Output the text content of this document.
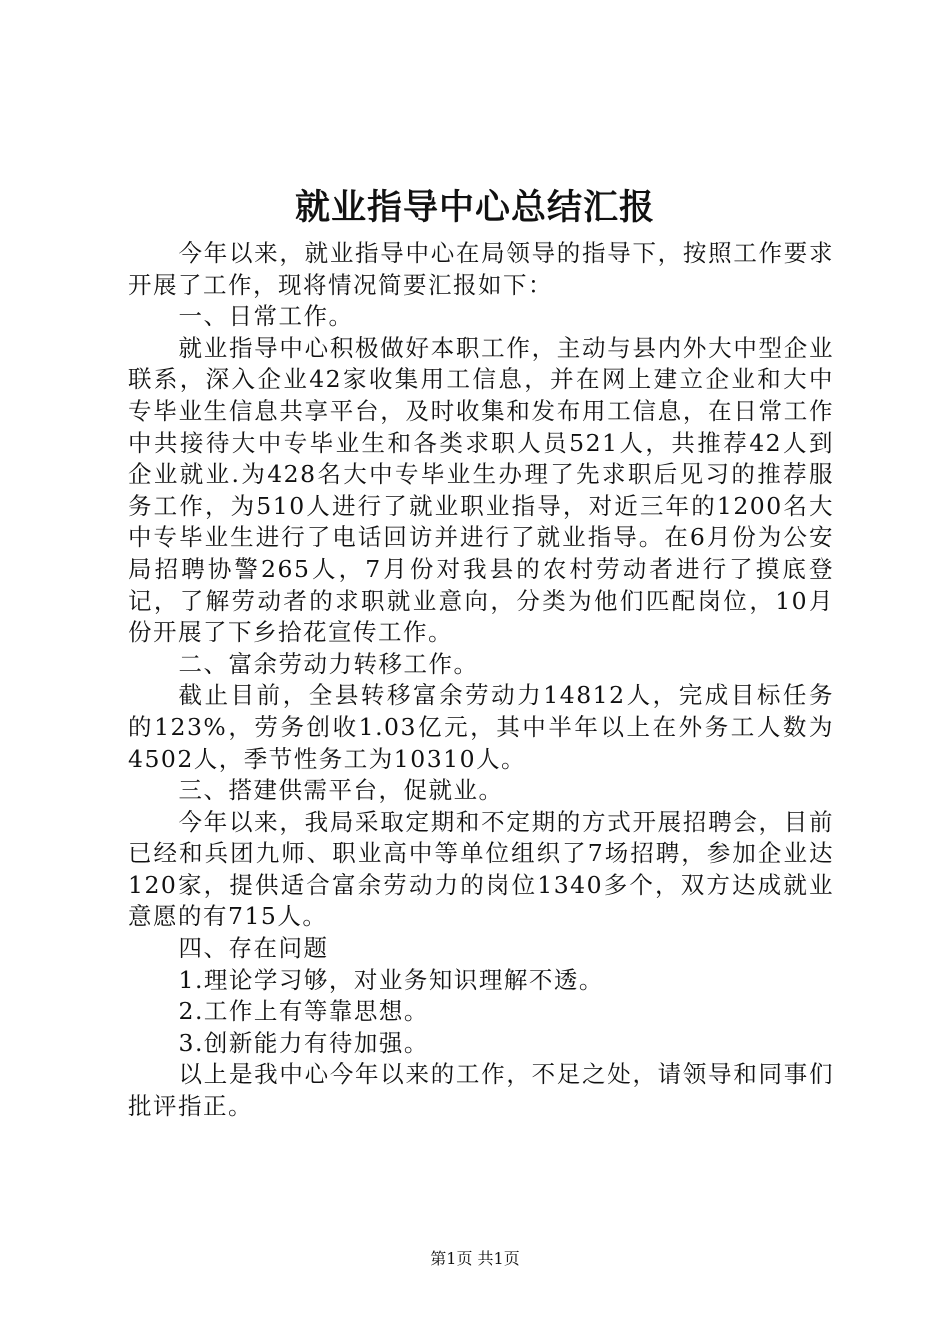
就业指导中心总结汇报

今年以来，就业指导中心在局领导的指导下，按照工作要求开展了工作，现将情况简要汇报如下：

一、日常工作。

就业指导中心积极做好本职工作，主动与县内外大中型企业联系，深入企业42家收集用工信息，并在网上建立企业和大中专毕业生信息共享平台，及时收集和发布用工信息，在日常工作中共接待大中专毕业生和各类求职人员521人，共推荐42人到企业就业.为428名大中专毕业生办理了先求职后见习的推荐服务工作，为510人进行了就业职业指导，对近三年的1200名大中专毕业生进行了电话回访并进行了就业指导。在6月份为公安局招聘协警265人，7月份对我县的农村劳动者进行了摸底登记，了解劳动者的求职就业意向，分类为他们匹配岗位，10月份开展了下乡拾花宣传工作。

二、富余劳动力转移工作。

截止目前，全县转移富余劳动力14812人，完成目标任务的123%，劳务创收1.03亿元，其中半年以上在外务工人数为4502人，季节性务工为10310人。

三、搭建供需平台，促就业。

今年以来，我局采取定期和不定期的方式开展招聘会，目前已经和兵团九师、职业高中等单位组织了7场招聘，参加企业达120家，提供适合富余劳动力的岗位1340多个，双方达成就业意愿的有715人。

四、存在问题

1.理论学习够，对业务知识理解不透。

2.工作上有等靠思想。

3.创新能力有待加强。

以上是我中心今年以来的工作，不足之处，请领导和同事们批评指正。

第1页 共1页
